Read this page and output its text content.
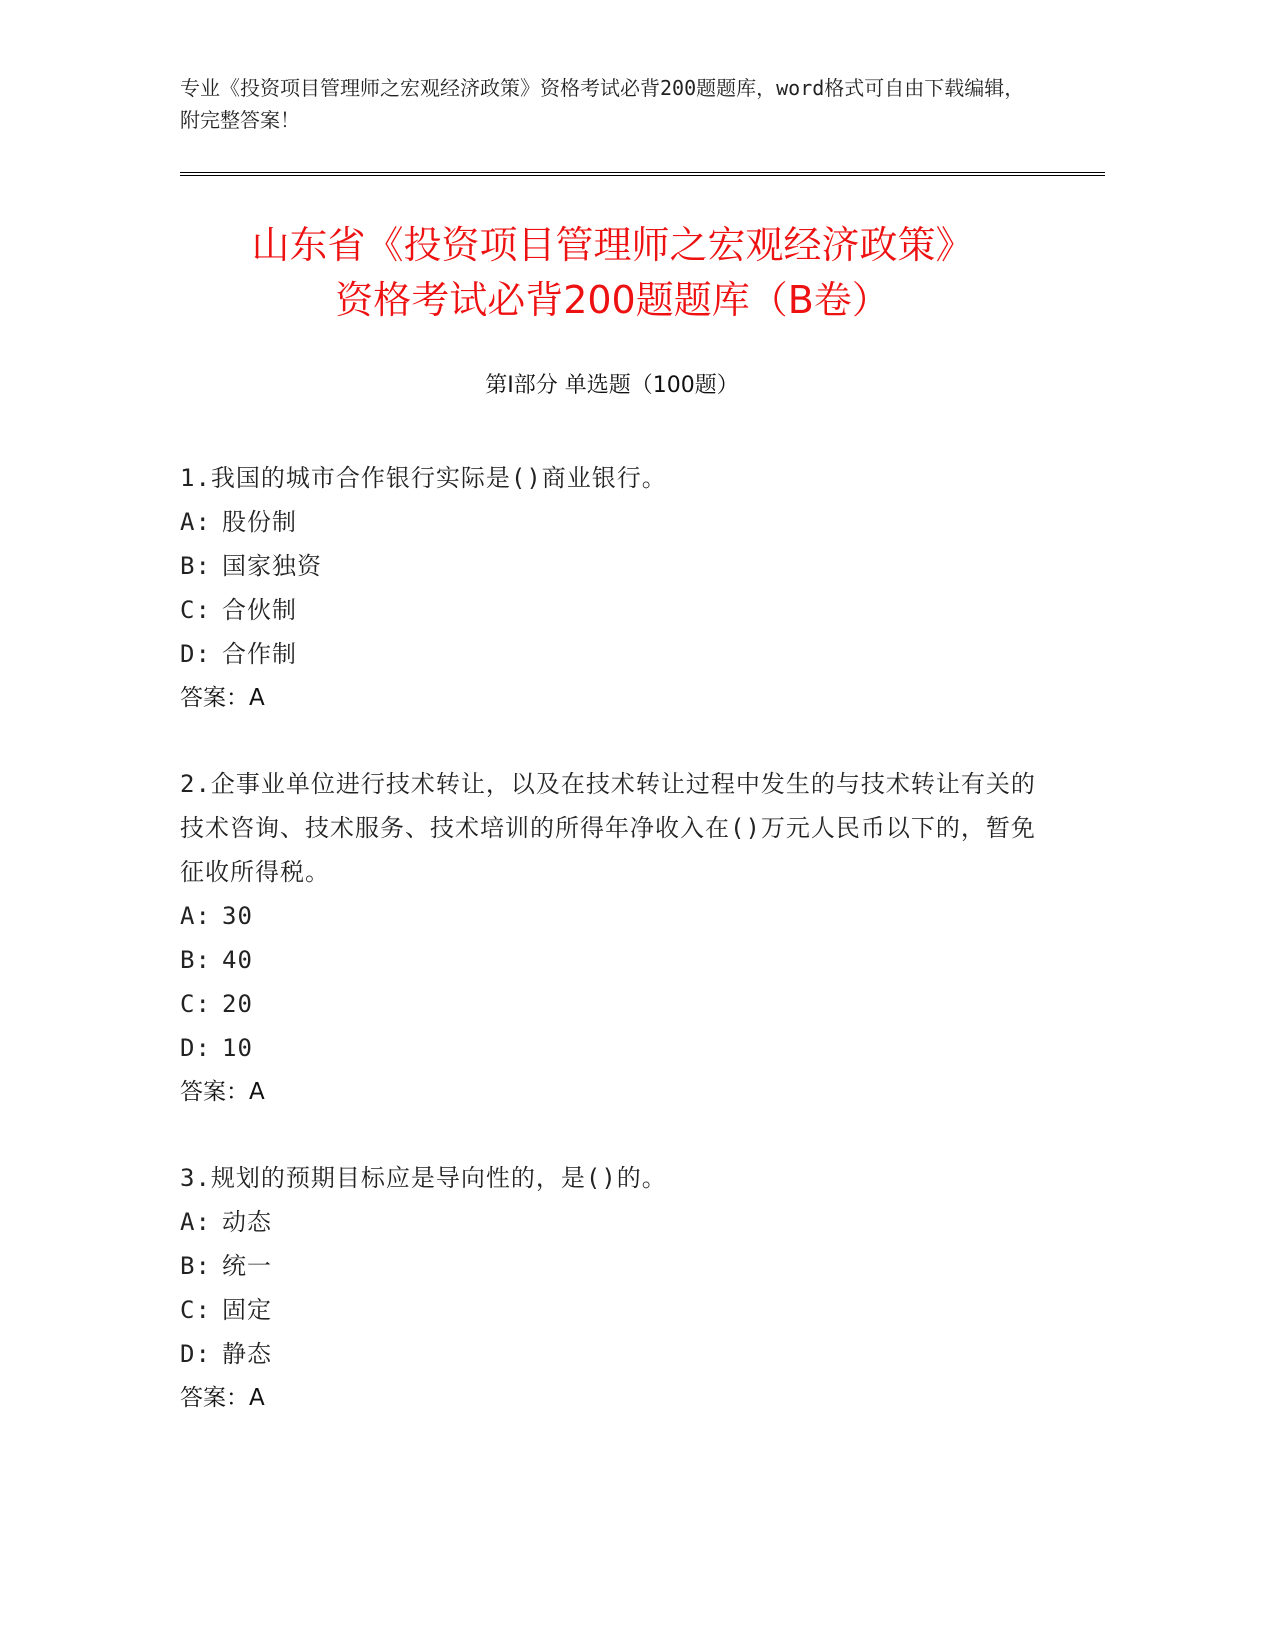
专业《投资项目管理师之宏观经济政策》资格考试必背200题题库，word格式可自由下载编辑，附完整答案！
山东省《投资项目管理师之宏观经济政策》
资格考试必背200题题库（B卷）
第Ⅰ部分 单选题（100题）

1.我国的城市合作银行实际是()商业银行。

A: 股份制
B: 国家独资
C: 合伙制
D: 合作制
答案：A

2.企事业单位进行技术转让，以及在技术转让过程中发生的与技术转让有关的技术咨询、技术服务、技术培训的所得年净收入在()万元人民币以下的，暂免征收所得税。

A: 30
B: 40
C: 20
D: 10
答案：A

3.规划的预期目标应是导向性的，是()的。

A: 动态
B: 统一
C: 固定
D: 静态
答案：A
